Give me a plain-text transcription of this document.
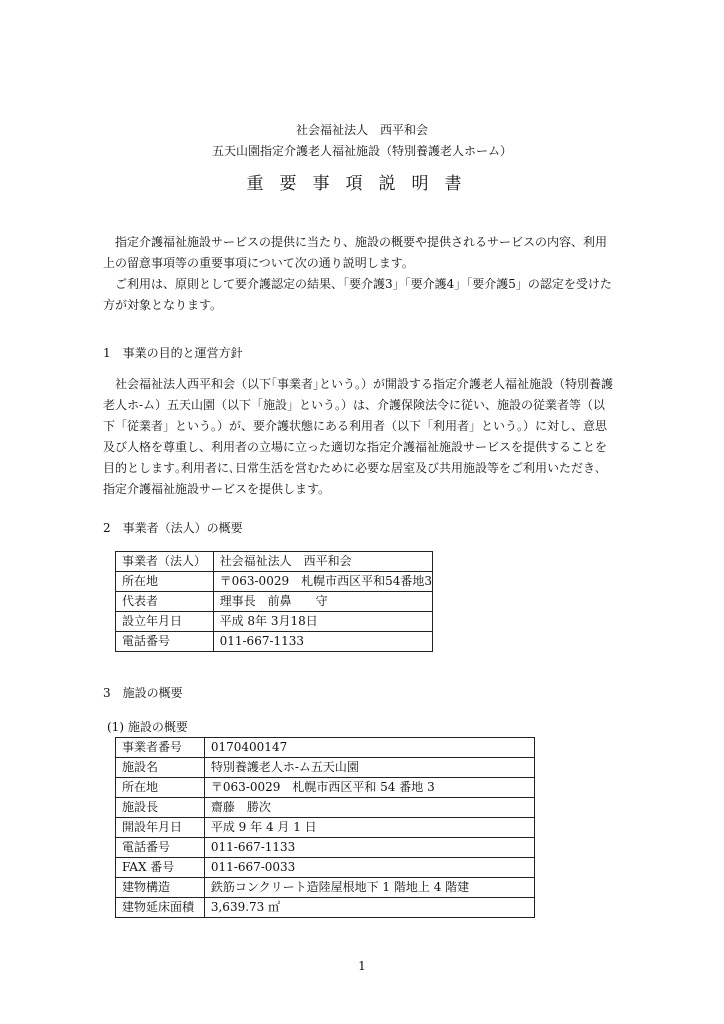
社会福祉法人　西平和会
五天山園指定介護老人福祉施設（特別養護老人ホーム）
重要事項説明書
　指定介護福祉施設サービスの提供に当たり、施設の概要や提供されるサービスの内容、利用
上の留意事項等の重要事項について次の通り説明します。
　ご利用は、原則として要介護認定の結果、「要介護3」「要介護4」「要介護5」の認定を受けた
方が対象となります。
1　事業の目的と運営方針
　社会福祉法人西平和会（以下｢事業者｣という。）が開設する指定介護老人福祉施設（特別養護
老人ホ-ム）五天山園（以下「施設」という。）は、介護保険法令に従い、施設の従業者等（以
下「従業者」という。）が、要介護状態にある利用者（以下「利用者」という。）に対し、意思
及び人格を尊重し、利用者の立場に立った適切な指定介護福祉施設サービスを提供することを
目的とします｡利用者に､日常生活を営むために必要な居室及び共用施設等をご利用いただき､
指定介護福祉施設サービスを提供します。
2　事業者（法人）の概要
事業者（法人）	社会福祉法人　西平和会
所在地	〒063-0029　札幌市西区平和54番地3
代表者	理事長　前鼻　　守
設立年月日	平成 8年 3月18日
電話番号	011-667-1133
3　施設の概要
(1) 施設の概要
事業者番号	0170400147
施設名	特別養護老人ホ-ム五天山園
所在地	〒063-0029　札幌市西区平和 54 番地 3
施設長	齋藤　勝次
開設年月日	平成 9 年 4 月 1 日
電話番号	011-667-1133
FAX 番号	011-667-0033
建物構造	鉄筋コンクリート造陸屋根地下 1 階地上 4 階建
建物延床面積	3,639.73 ㎡
1
